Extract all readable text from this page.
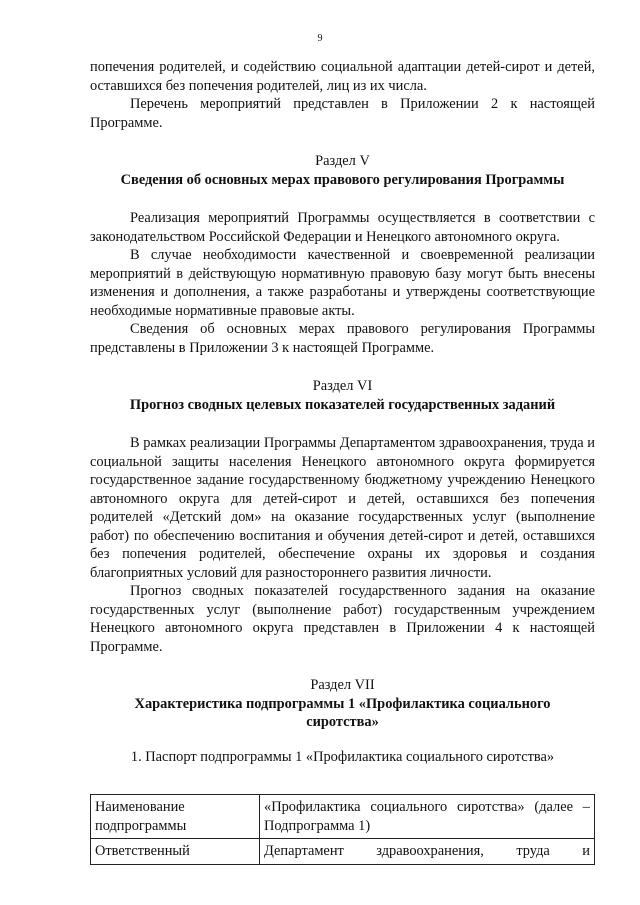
9

попечения родителей, и содействию социальной адаптации детей-сирот и детей, оставшихся без попечения родителей, лиц из их числа.

Перечень мероприятий представлен в Приложении 2 к настоящей Программе.

Раздел V
Сведения об основных мерах правового регулирования Программы

Реализация мероприятий Программы осуществляется в соответствии с законодательством Российской Федерации и Ненецкого автономного округа.

В случае необходимости качественной и своевременной реализации мероприятий в действующую нормативную правовую базу могут быть внесены изменения и дополнения, а также разработаны и утверждены соответствующие необходимые нормативные правовые акты.

Сведения об основных мерах правового регулирования Программы представлены в Приложении 3 к настоящей Программе.

Раздел VI
Прогноз сводных целевых показателей государственных заданий

В рамках реализации Программы Департаментом здравоохранения, труда и социальной защиты населения Ненецкого автономного округа формируется государственное задание государственному бюджетному учреждению Ненецкого автономного округа для детей-сирот и детей, оставшихся без попечения родителей «Детский дом» на оказание государственных услуг (выполнение работ) по обеспечению воспитания и обучения детей-сирот и детей, оставшихся без попечения родителей, обеспечение охраны их здоровья и создания благоприятных условий для разностороннего развития личности.

Прогноз сводных показателей государственного задания на оказание государственных услуг (выполнение работ) государственным учреждением Ненецкого автономного округа представлен в Приложении 4 к настоящей Программе.

Раздел VII
Характеристика подпрограммы 1 «Профилактика социального
сиротства»
1. Паспорт подпрограммы 1 «Профилактика социального сиротства»
Наименование подпрограммы	«Профилактика социального сиротства» (далее – Подпрограмма 1)
Ответственный	Департамент здравоохранения, труда и
